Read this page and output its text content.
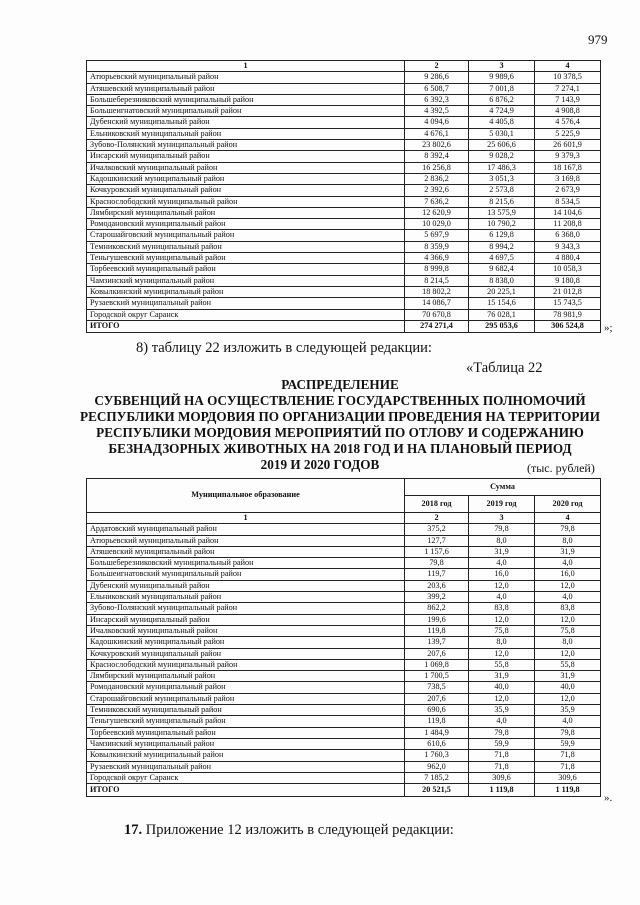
979
1	2	3	4
Атюрьевский муниципальный район	9 286,6	9 989,6	10 378,5
Атяшевский муниципальный район	6 508,7	7 001,8	7 274,1
Большеберезниковский муниципальный район	6 392,3	6 876,2	7 143,9
Большеигнатовский муниципальный район	4 392,5	4 724,9	4 908,8
Дубенский муниципальный район	4 094,6	4 405,8	4 576,4
Ельниковский муниципальный район	4 676,1	5 030,1	5 225,9
Зубово-Полянский муниципальный район	23 802,6	25 606,6	26 601,9
Инсарский муниципальный район	8 392,4	9 028,2	9 379,3
Ичалковский муниципальный район	16 256,8	17 486,3	18 167,8
Кадошкинский муниципальный район	2 836,2	3 051,3	3 169,8
Кочкуровский муниципальный район	2 392,6	2 573,8	2 673,9
Краснослободский муниципальный район	7 636,2	8 215,6	8 534,5
Лямбирский муниципальный район	12 620,9	13 575,9	14 104,6
Ромодановский муниципальный район	10 029,0	10 790,2	11 208,8
Старошайговский муниципальный район	5 697,9	6 129,8	6 368,0
Темниковский муниципальный район	8 359,9	8 994,2	9 343,3
Теньгушевский муниципальный район	4 366,9	4 697,5	4 880,4
Торбеевский муниципальный район	8 999,8	9 682,4	10 058,3
Чамзинский муниципальный район	8 214,5	8 838,0	9 180,8
Ковылкинский муниципальный район	18 802,2	20 225,1	21 012,8
Рузаевский муниципальный район	14 086,7	15 154,6	15 743,5
Городской округ Саранск	70 670,8	76 028,1	78 981,9
ИТОГО	274 271,4	295 053,6	306 524,8 »;
8) таблицу 22 изложить в следующей редакции:
«Таблица 22
РАСПРЕДЕЛЕНИЕ
СУБВЕНЦИЙ НА ОСУЩЕСТВЛЕНИЕ ГОСУДАРСТВЕННЫХ ПОЛНОМОЧИЙ
РЕСПУБЛИКИ МОРДОВИЯ ПО ОРГАНИЗАЦИИ ПРОВЕДЕНИЯ НА ТЕРРИТОРИИ
РЕСПУБЛИКИ МОРДОВИЯ МЕРОПРИЯТИЙ ПО ОТЛОВУ И СОДЕРЖАНИЮ
БЕЗНАДЗОРНЫХ ЖИВОТНЫХ НА 2018 ГОД И НА ПЛАНОВЫЙ ПЕРИОД
2019 И 2020 ГОДОВ	(тыс. рублей)
Муниципальное образование	Сумма		
	2018 год	2019 год	2020 год
1	2	3	4
Ардатовский муниципальный район	375,2	79,8	79,8
Атюрьевский муниципальный район	127,7	8,0	8,0
Атяшевский муниципальный район	1 157,6	31,9	31,9
Большеберезниковский муниципальный район	79,8	4,0	4,0
Большеигнатовский муниципальный район	119,7	16,0	16,0
Дубенский муниципальный район	203,6	12,0	12,0
Ельниковский муниципальный район	399,2	4,0	4,0
Зубово-Полянский муниципальный район	862,2	83,8	83,8
Инсарский муниципальный район	199,6	12,0	12,0
Ичалковский муниципальный район	119,8	75,8	75,8
Кадошкинский муниципальный район	139,7	8,0	8,0
Кочкуровский муниципальный район	207,6	12,0	12,0
Краснослободский муниципальный район	1 069,8	55,8	55,8
Лямбирский муниципальный район	1 700,5	31,9	31,9
Ромодановский муниципальный район	738,5	40,0	40,0
Старошайговский муниципальный район	207,6	12,0	12,0
Темниковский муниципальный район	690,6	35,9	35,9
Теньгушевский муниципальный район	119,8	4,0	4,0
Торбеевский муниципальный район	1 484,9	79,8	79,8
Чамзинский муниципальный район	610,6	59,9	59,9
Ковылкинский муниципальный район	1 760,3	71,8	71,8
Рузаевский муниципальный район	962,0	71,8	71,8
Городской округ Саранск	7 185,2	309,6	309,6
ИТОГО	20 521,5	1 119,8	1 119,8
».
17. Приложение 12 изложить в следующей редакции:
